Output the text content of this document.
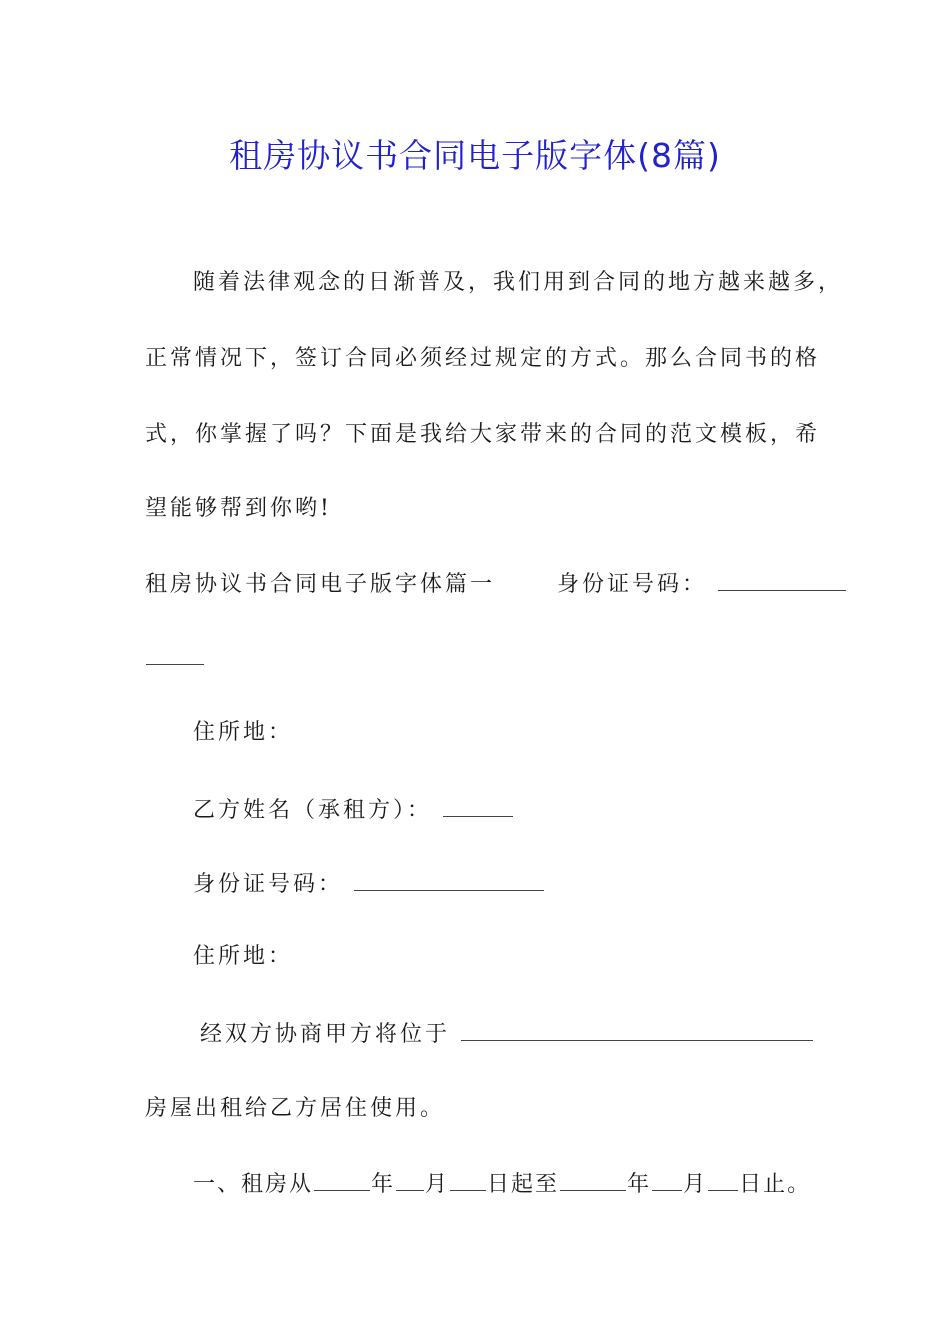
租房协议书合同电子版字体(8篇)
随着法律观念的日渐普及，我们用到合同的地方越来越多，
正常情况下，签订合同必须经过规定的方式。那么合同书的格
式，你掌握了吗？下面是我给大家带来的合同的范文模板，希
望能够帮到你哟!
租房协议书合同电子版字体篇一	身份证号码：
住所地：
乙方姓名（承租方）：
身份证号码：
住所地：
经双方协商甲方将位于
房屋出租给乙方居住使用。
一、租房从	年 月 日起至	年 月 日止。
